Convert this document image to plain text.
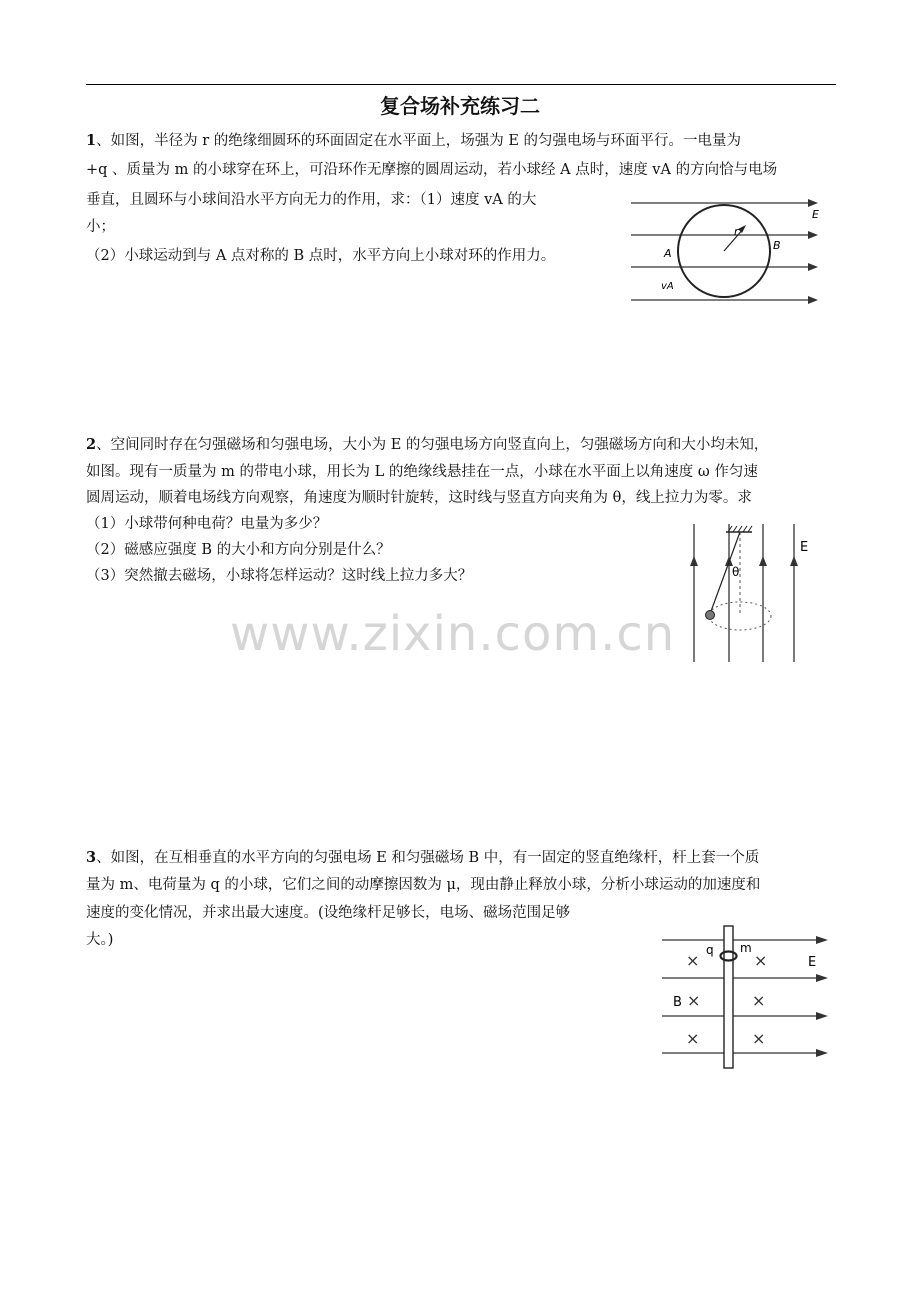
复合场补充练习二
1、如图，半径为 r 的绝缘细圆环的环面固定在水平面上，场强为 E 的匀强电场与环面平行。一电量为
+q 、质量为 m 的小球穿在环上，可沿环作无摩擦的圆周运动，若小球经 A 点时，速度 vA 的方向恰与电场
垂直，且圆环与小球间沿水平方向无力的作用，求：（1）速度 vA 的大
小；
（2）小球运动到与 A 点对称的 B 点时，水平方向上小球对环的作用力。
r
E
A
B
vA
2、空间同时存在匀强磁场和匀强电场，大小为 E 的匀强电场方向竖直向上，匀强磁场方向和大小均未知，
如图。现有一质量为 m 的带电小球，用长为 L 的绝缘线悬挂在一点，小球在水平面上以角速度 ω 作匀速
圆周运动，顺着电场线方向观察，角速度为顺时针旋转，这时线与竖直方向夹角为 θ，线上拉力为零。求
（1）小球带何种电荷？电量为多少？
（2）磁感应强度 B 的大小和方向分别是什么？
（3）突然撤去磁场，小球将怎样运动？这时线上拉力多大？	θ
E
www.zixin.com.cn
3、如图，在互相垂直的水平方向的匀强电场 E 和匀强磁场 B 中，有一固定的竖直绝缘杆，杆上套一个质
量为 m、电荷量为 q 的小球，它们之间的动摩擦因数为 μ，现由静止释放小球，分析小球运动的加速度和
速度的变化情况，并求出最大速度。(设绝缘杆足够长，电场、磁场范围足够
大。)
q m
E
B
×	×
×	×
×	×
